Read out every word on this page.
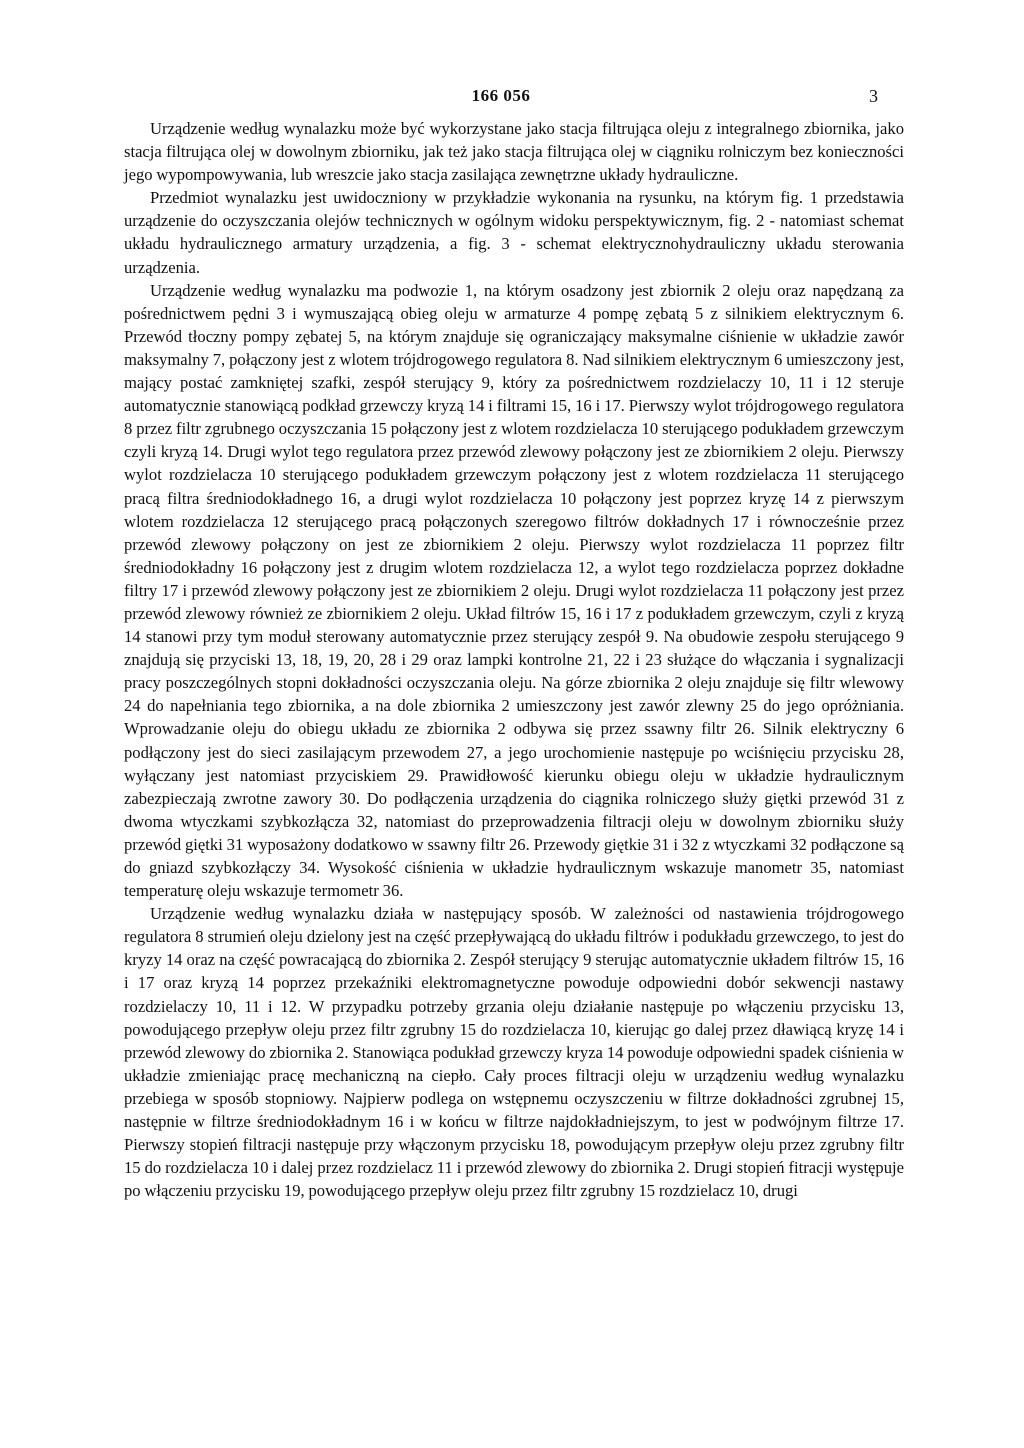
166 056	3

Urządzenie według wynalazku może być wykorzystane jako stacja filtrująca oleju z integralnego zbiornika, jako stacja filtrująca olej w dowolnym zbiorniku, jak też jako stacja filtrująca olej w ciągniku rolniczym bez konieczności jego wypompowywania, lub wreszcie jako stacja zasilająca zewnętrzne układy hydrauliczne.

Przedmiot wynalazku jest uwidoczniony w przykładzie wykonania na rysunku, na którym fig. 1 przedstawia urządzenie do oczyszczania olejów technicznych w ogólnym widoku perspektywicznym, fig. 2 - natomiast schemat układu hydraulicznego armatury urządzenia, a fig. 3 - schemat elektrycznohydrauliczny układu sterowania urządzenia.

Urządzenie według wynalazku ma podwozie 1, na którym osadzony jest zbiornik 2 oleju oraz napędzaną za pośrednictwem pędni 3 i wymuszającą obieg oleju w armaturze 4 pompę zębatą 5 z silnikiem elektrycznym 6. Przewód tłoczny pompy zębatej 5, na którym znajduje się ograniczający maksymalne ciśnienie w układzie zawór maksymalny 7, połączony jest z wlotem trójdrogowego regulatora 8. Nad silnikiem elektrycznym 6 umieszczony jest, mający postać zamkniętej szafki, zespół sterujący 9, który za pośrednictwem rozdzielaczy 10, 11 i 12 steruje automatycznie stanowiącą podkład grzewczy kryzą 14 i filtrami 15, 16 i 17. Pierwszy wylot trójdrogowego regulatora 8 przez filtr zgrubnego oczyszczania 15 połączony jest z wlotem rozdzielacza 10 sterującego podukładem grzewczym czyli kryzą 14. Drugi wylot tego regulatora przez przewód zlewowy połączony jest ze zbiornikiem 2 oleju. Pierwszy wylot rozdzielacza 10 sterującego podukładem grzewczym połączony jest z wlotem rozdzielacza 11 sterującego pracą filtra średniodokładnego 16, a drugi wylot rozdzielacza 10 połączony jest poprzez kryzę 14 z pierwszym wlotem rozdzielacza 12 sterującego pracą połączonych szeregowo filtrów dokładnych 17 i równocześnie przez przewód zlewowy połączony on jest ze zbiornikiem 2 oleju. Pierwszy wylot rozdzielacza 11 poprzez filtr średniodokładny 16 połączony jest z drugim wlotem rozdzielacza 12, a wylot tego rozdzielacza poprzez dokładne filtry 17 i przewód zlewowy połączony jest ze zbiornikiem 2 oleju. Drugi wylot rozdzielacza 11 połączony jest przez przewód zlewowy również ze zbiornikiem 2 oleju. Układ filtrów 15, 16 i 17 z podukładem grzewczym, czyli z kryzą 14 stanowi przy tym moduł sterowany automatycznie przez sterujący zespół 9. Na obudowie zespołu sterującego 9 znajdują się przyciski 13, 18, 19, 20, 28 i 29 oraz lampki kontrolne 21, 22 i 23 służące do włączania i sygnalizacji pracy poszczególnych stopni dokładności oczyszczania oleju. Na górze zbiornika 2 oleju znajduje się filtr wlewowy 24 do napełniania tego zbiornika, a na dole zbiornika 2 umieszczony jest zawór zlewny 25 do jego opróżniania. Wprowadzanie oleju do obiegu układu ze zbiornika 2 odbywa się przez ssawny filtr 26. Silnik elektryczny 6 podłączony jest do sieci zasilającym przewodem 27, a jego urochomienie następuje po wciśnięciu przycisku 28, wyłączany jest natomiast przyciskiem 29. Prawidłowość kierunku obiegu oleju w układzie hydraulicznym zabezpieczają zwrotne zawory 30. Do podłączenia urządzenia do ciągnika rolniczego służy giętki przewód 31 z dwoma wtyczkami szybkozłącza 32, natomiast do przeprowadzenia filtracji oleju w dowolnym zbiorniku służy przewód giętki 31 wyposażony dodatkowo w ssawny filtr 26. Przewody giętkie 31 i 32 z wtyczkami 32 podłączone są do gniazd szybkozłączy 34. Wysokość ciśnienia w układzie hydraulicznym wskazuje manometr 35, natomiast temperaturę oleju wskazuje termometr 36.

Urządzenie według wynalazku działa w następujący sposób. W zależności od nastawienia trójdrogowego regulatora 8 strumień oleju dzielony jest na część przepływającą do układu filtrów i podukładu grzewczego, to jest do kryzy 14 oraz na część powracającą do zbiornika 2. Zespół sterujący 9 sterując automatycznie układem filtrów 15, 16 i 17 oraz kryzą 14 poprzez przekaźniki elektromagnetyczne powoduje odpowiedni dobór sekwencji nastawy rozdzielaczy 10, 11 i 12. W przypadku potrzeby grzania oleju działanie następuje po włączeniu przycisku 13, powodującego przepływ oleju przez filtr zgrubny 15 do rozdzielacza 10, kierując go dalej przez dławiącą kryzę 14 i przewód zlewowy do zbiornika 2. Stanowiąca podukład grzewczy kryza 14 powoduje odpowiedni spadek ciśnienia w układzie zmieniając pracę mechaniczną na ciepło. Cały proces filtracji oleju w urządzeniu według wynalazku przebiega w sposób stopniowy. Najpierw podlega on wstępnemu oczyszczeniu w filtrze dokładności zgrubnej 15, następnie w filtrze średniodokładnym 16 i w końcu w filtrze najdokładniejszym, to jest w podwójnym filtrze 17. Pierwszy stopień filtracji następuje przy włączonym przycisku 18, powodującym przepływ oleju przez zgrubny filtr 15 do rozdzielacza 10 i dalej przez rozdzielacz 11 i przewód zlewowy do zbiornika 2. Drugi stopień fitracji występuje po włączeniu przycisku 19, powodującego przepływ oleju przez filtr zgrubny 15 rozdzielacz 10, drugi
